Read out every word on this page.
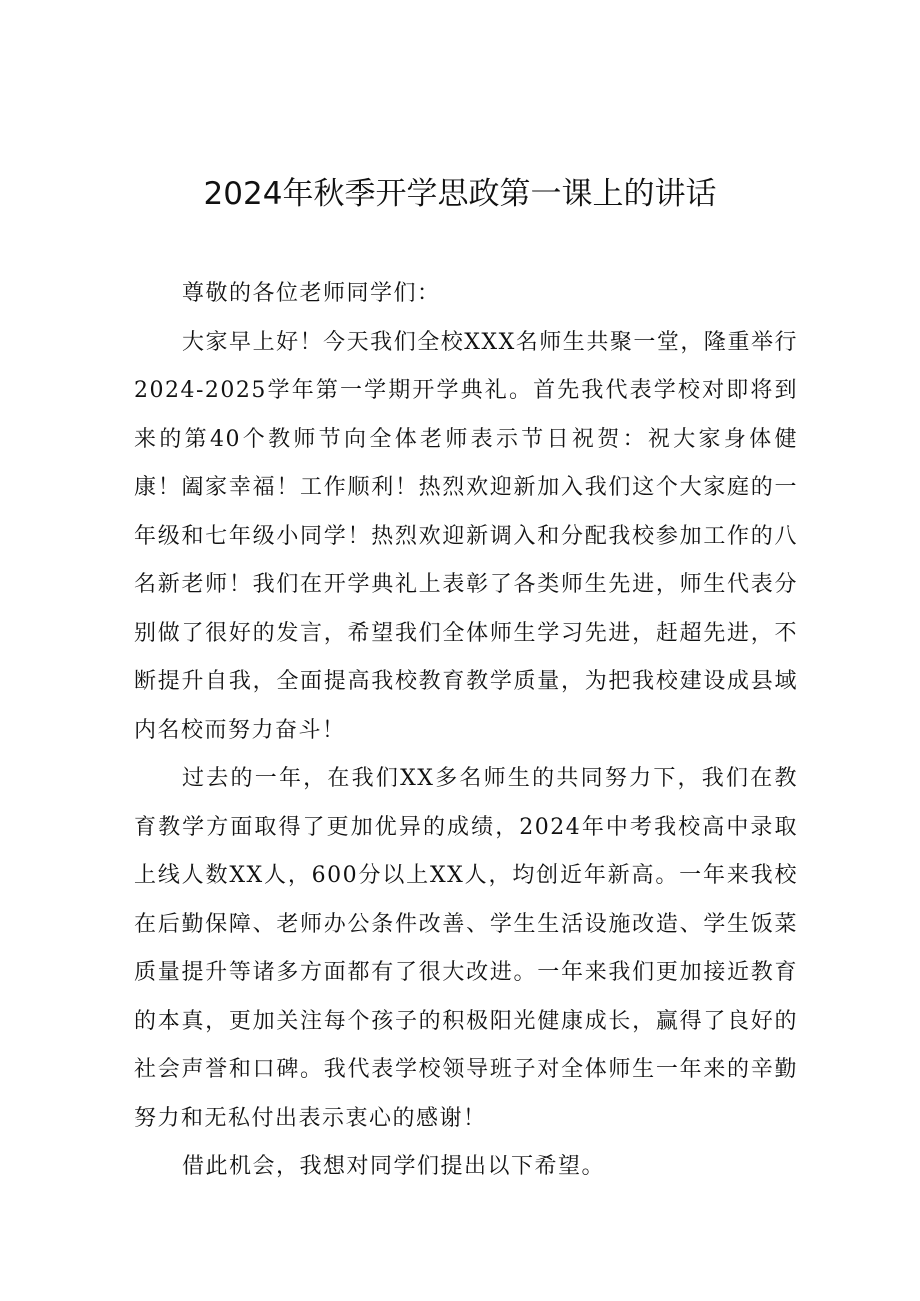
2024年秋季开学思政第一课上的讲话

尊敬的各位老师同学们：

大家早上好！今天我们全校XXX名师生共聚一堂，隆重举行2024-2025学年第一学期开学典礼。首先我代表学校对即将到来的第40个教师节向全体老师表示节日祝贺：祝大家身体健康！阖家幸福！工作顺利！热烈欢迎新加入我们这个大家庭的一年级和七年级小同学！热烈欢迎新调入和分配我校参加工作的八名新老师！我们在开学典礼上表彰了各类师生先进，师生代表分别做了很好的发言，希望我们全体师生学习先进，赶超先进，不断提升自我，全面提高我校教育教学质量，为把我校建设成县域内名校而努力奋斗！

过去的一年，在我们XX多名师生的共同努力下，我们在教育教学方面取得了更加优异的成绩，2024年中考我校高中录取上线人数XX人，600分以上XX人，均创近年新高。一年来我校在后勤保障、老师办公条件改善、学生生活设施改造、学生饭菜质量提升等诸多方面都有了很大改进。一年来我们更加接近教育的本真，更加关注每个孩子的积极阳光健康成长，赢得了良好的社会声誉和口碑。我代表学校领导班子对全体师生一年来的辛勤努力和无私付出表示衷心的感谢！

借此机会，我想对同学们提出以下希望。
